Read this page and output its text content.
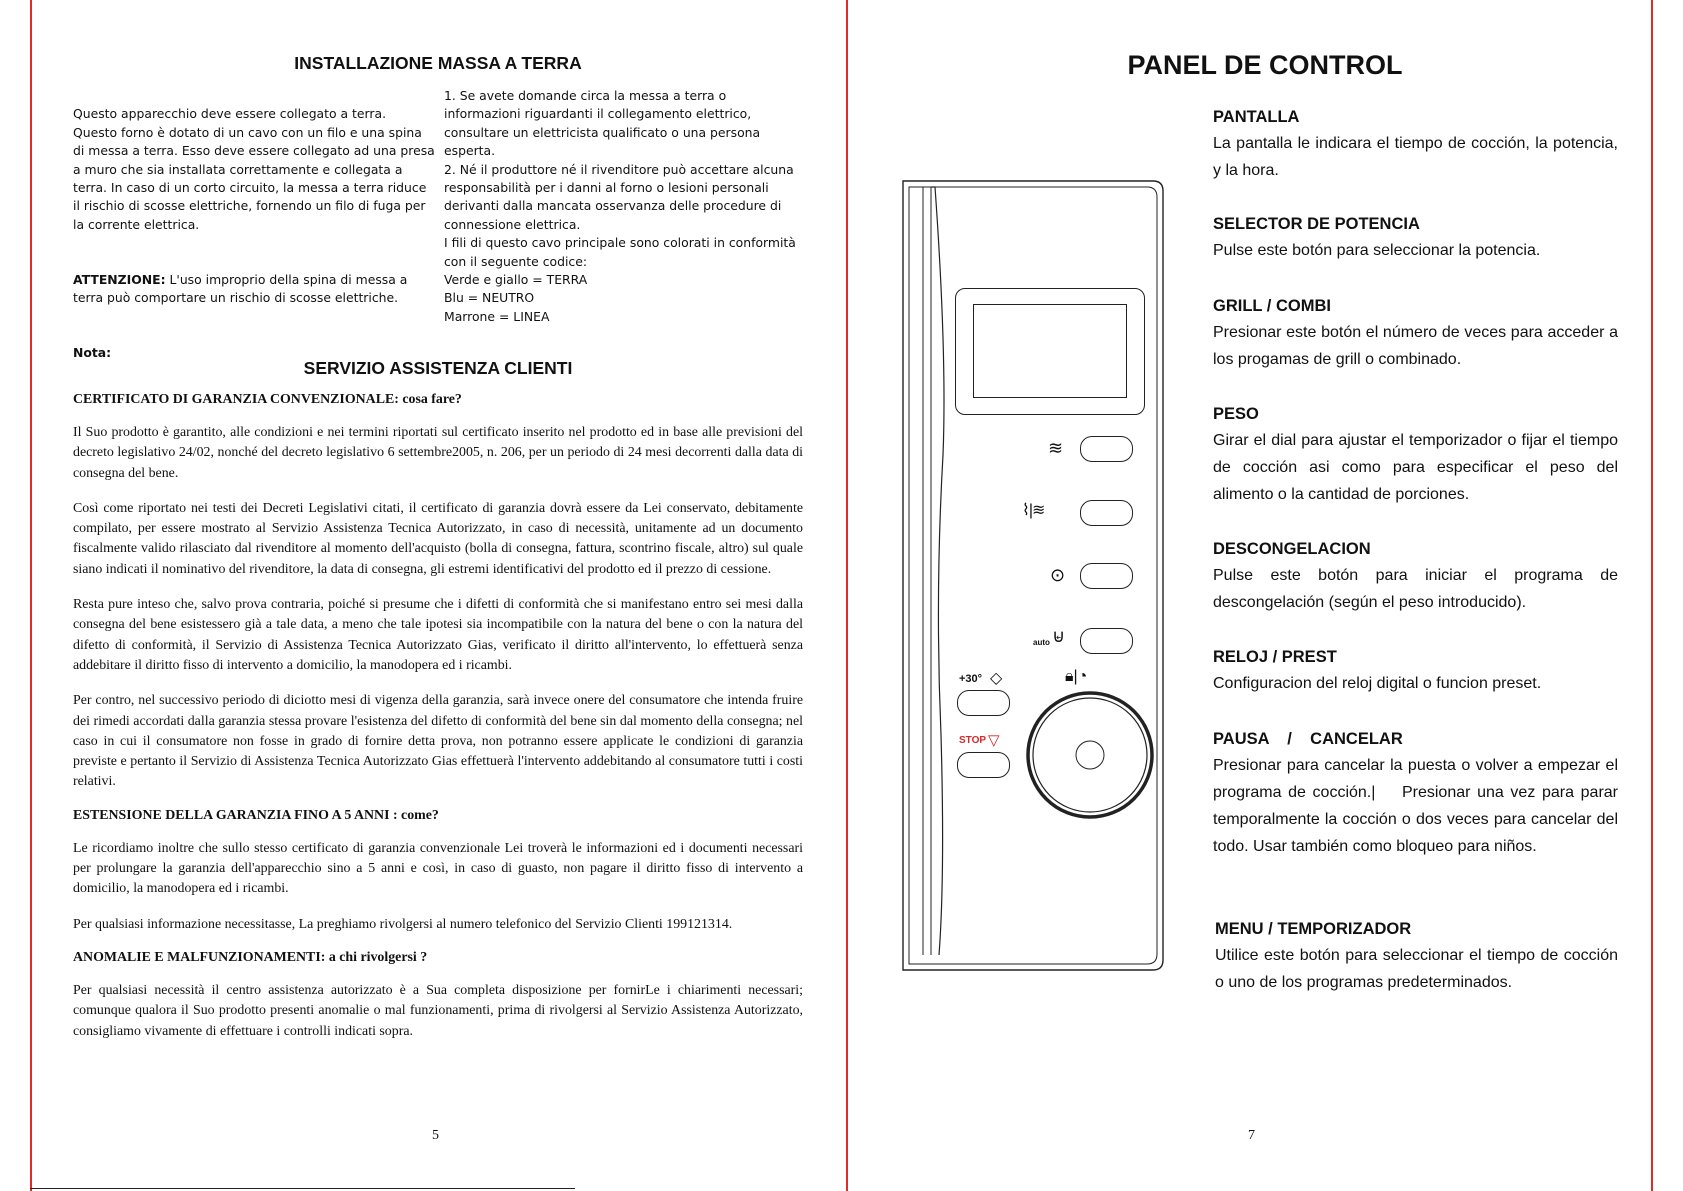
INSTALLAZIONE MASSA A TERRA

Questo apparecchio deve essere collegato a terra.
Questo forno è dotato di un cavo con un filo e una spina
di messa a terra. Esso deve essere collegato ad una presa
a muro che sia installata correttamente e collegata a
terra. In caso di un corto circuito, la messa a terra riduce
il rischio di scosse elettriche, fornendo un filo di fuga per
la corrente elettrica.

ATTENZIONE: L'uso improprio della spina di messa a
terra può comportare un rischio di scosse elettriche.

Nota:

1. Se avete domande circa la messa a terra o
informazioni riguardanti il collegamento elettrico,
consultare un elettricista qualificato o una persona
esperta.
2. Né il produttore né il rivenditore può accettare alcuna
responsabilità per i danni al forno o lesioni personali
derivanti dalla mancata osservanza delle procedure di
connessione elettrica.
I fili di questo cavo principale sono colorati in conformità
con il seguente codice:
Verde e giallo = TERRA
Blu = NEUTRO
Marrone = LINEA
SERVIZIO ASSISTENZA CLIENTI
CERTIFICATO DI GARANZIA CONVENZIONALE: cosa fare?
Il Suo prodotto è garantito, alle condizioni e nei termini riportati sul certificato inserito nel prodotto ed in base alle previsioni del decreto legislativo 24/02, nonché del decreto legislativo 6 settembre2005, n. 206, per un periodo di 24 mesi decorrenti dalla data di consegna del bene.
Così come riportato nei testi dei Decreti Legislativi citati, il certificato di garanzia dovrà essere da Lei conservato, debitamente compilato, per essere mostrato al Servizio Assistenza Tecnica Autorizzato, in caso di necessità, unitamente ad un documento fiscalmente valido rilasciato dal rivenditore al momento dell'acquisto (bolla di consegna, fattura, scontrino fiscale, altro) sul quale siano indicati il nominativo del rivenditore, la data di consegna, gli estremi identificativi del prodotto ed il prezzo di cessione.
Resta pure inteso che, salvo prova contraria, poiché si presume che i difetti di conformità che si manifestano entro sei mesi dalla consegna del bene esistessero già a tale data, a meno che tale ipotesi sia incompatibile con la natura del bene o con la natura del difetto di conformità, il Servizio di Assistenza Tecnica Autorizzato Gias, verificato il diritto all'intervento, lo effettuerà senza addebitare il diritto fisso di intervento a domicilio, la manodopera ed i ricambi.
Per contro, nel successivo periodo di diciotto mesi di vigenza della garanzia, sarà invece onere del consumatore che intenda fruire dei rimedi accordati dalla garanzia stessa provare l'esistenza del difetto di conformità del bene sin dal momento della consegna; nel caso in cui il consumatore non fosse in grado di fornire detta prova, non potranno essere applicate le condizioni di garanzia previste e pertanto il Servizio di Assistenza Tecnica Autorizzato Gias effettuerà l'intervento addebitando al consumatore tutti i costi relativi.
ESTENSIONE DELLA GARANZIA FINO A 5 ANNI : come?
Le ricordiamo inoltre che sullo stesso certificato di garanzia convenzionale Lei troverà le informazioni ed i documenti necessari per prolungare la garanzia dell'apparecchio sino a 5 anni e così, in caso di guasto, non pagare il diritto fisso di intervento a domicilio, la manodopera ed i ricambi.
Per qualsiasi informazione necessitasse, La preghiamo rivolgersi al numero telefonico del Servizio Clienti 199121314.
ANOMALIE E MALFUNZIONAMENTI: a chi rivolgersi ?
Per qualsiasi necessità il centro assistenza autorizzato è a Sua completa disposizione per fornirLe i chiarimenti necessari; comunque qualora il Suo prodotto presenti anomalie o mal funzionamenti, prima di rivolgersi al Servizio Assistenza Autorizzato, consigliamo vivamente di effettuare i controlli indicati sopra.
5
PANEL DE CONTROL
≋
⌇|≋
⊙
auto ⊌
+30° ◇
STOP ▽
🔒︎|◔
PANTALLA
La pantalla le indicara el tiempo de cocción, la potencia, y la hora.
SELECTOR DE POTENCIA
Pulse este botón para seleccionar la potencia.
GRILL / COMBI
Presionar este botón el número de veces para acceder a los progamas de grill o combinado.
PESO
Girar el dial para ajustar el temporizador o fijar el tiempo de cocción asi como para especificar el peso del alimento o la cantidad de porciones.
DESCONGELACION
Pulse este botón para iniciar el programa de descongelación (según el peso introducido).
RELOJ / PREST
Configuracion del reloj digital o funcion preset.
PAUSA    /    CANCELAR
Presionar para cancelar la puesta o volver a empezar el programa de cocción.|    Presionar una vez para parar temporalmente la cocción o dos veces para cancelar del todo. Usar también como bloqueo para niños.
MENU / TEMPORIZADOR
Utilice este botón para seleccionar el tiempo de cocción o uno de los programas predeterminados.
7
